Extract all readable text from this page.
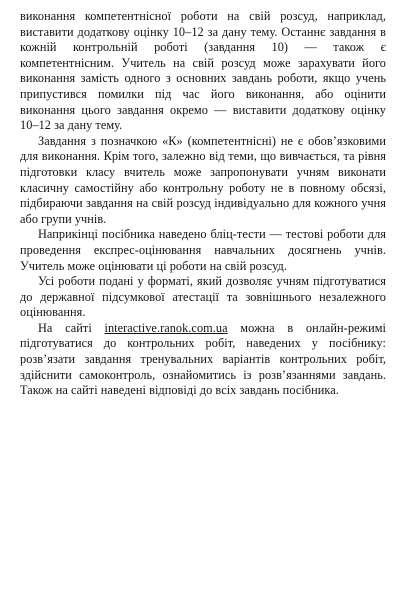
виконання компетентнісної роботи на свій розсуд, наприклад, виставити додаткову оцінку 10–12 за дану тему. Останнє завдання в кожній контрольній роботі (завдання 10) — також є компетентнісним. Учитель на свій розсуд може зарахувати його виконання замість одного з основних завдань роботи, якщо учень припустився помилки під час його виконання, або оцінити виконання цього завдання окремо — виставити додаткову оцінку 10–12 за дану тему.

Завдання з позначкою «К» (компетентнісні) не є обов’язковими для виконання. Крім того, залежно від теми, що вивчається, та рівня підготовки класу вчитель може запропонувати учням виконати класичну самостійну або контрольну роботу не в повному обсязі, підбираючи завдання на свій розсуд індивідуально для кожного учня або групи учнів.

Наприкінці посібника наведено бліц-тести — тестові роботи для проведення експрес-оцінювання навчальних досягнень учнів. Учитель може оцінювати ці роботи на свій розсуд.

Усі роботи подані у форматі, який дозволяє учням підготуватися до державної підсумкової атестації та зовнішнього незалежного оцінювання.

На сайті interactive.ranok.com.ua можна в онлайн-режимі підготуватися до контрольних робіт, наведених у посібнику: розв’язати завдання тренувальних варіантів контрольних робіт, здійснити самоконтроль, ознайомитись із розв’язаннями завдань. Також на сайті наведені відповіді до всіх завдань посібника.
